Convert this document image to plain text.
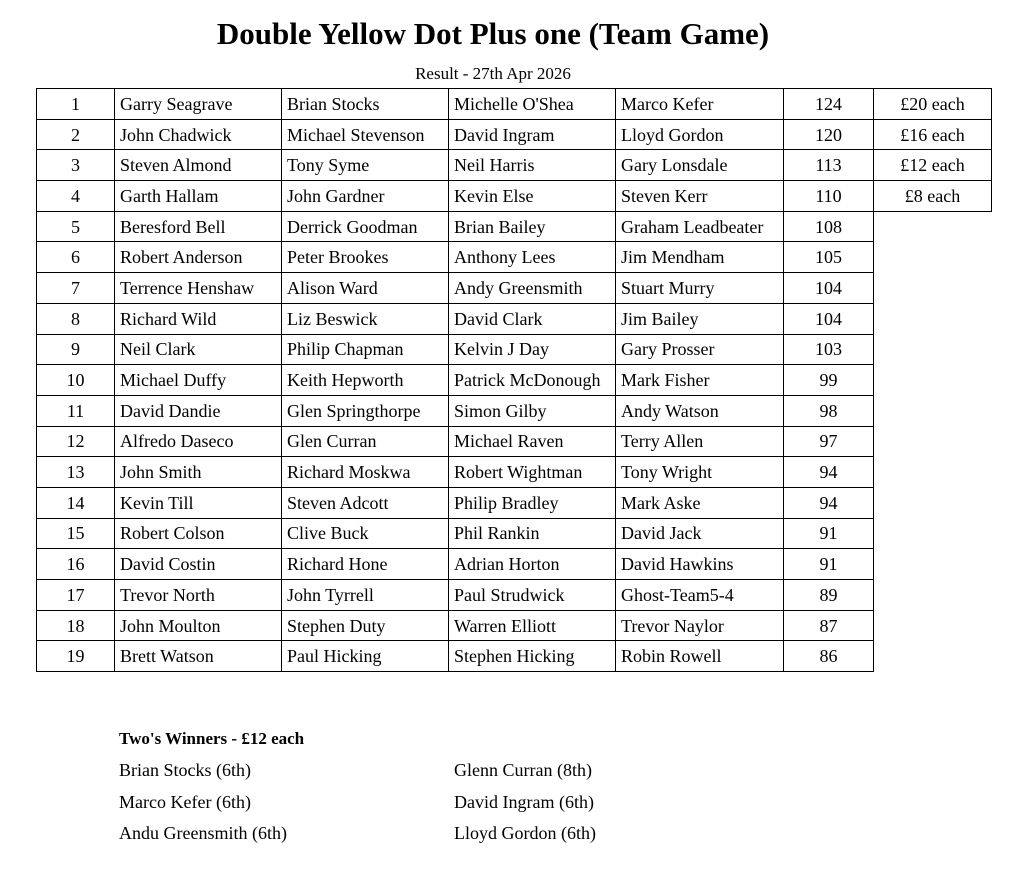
Double Yellow Dot Plus one (Team Game)
Result - 27th Apr 2026
1	Garry Seagrave	Brian Stocks	Michelle O'Shea	Marco Kefer	124	£20 each
2	John Chadwick	Michael Stevenson	David Ingram	Lloyd Gordon	120	£16 each
3	Steven Almond	Tony Syme	Neil Harris	Gary Lonsdale	113	£12 each
4	Garth Hallam	John Gardner	Kevin Else	Steven Kerr	110	£8 each
5	Beresford Bell	Derrick Goodman	Brian Bailey	Graham Leadbeater	108	
6	Robert Anderson	Peter Brookes	Anthony Lees	Jim Mendham	105	
7	Terrence Henshaw	Alison Ward	Andy Greensmith	Stuart Murry	104	
8	Richard Wild	Liz Beswick	David Clark	Jim Bailey	104	
9	Neil Clark	Philip Chapman	Kelvin J Day	Gary Prosser	103	
10	Michael Duffy	Keith Hepworth	Patrick McDonough	Mark Fisher	99	
11	David Dandie	Glen Springthorpe	Simon Gilby	Andy Watson	98	
12	Alfredo Daseco	Glen Curran	Michael Raven	Terry Allen	97	
13	John Smith	Richard Moskwa	Robert Wightman	Tony Wright	94	
14	Kevin Till	Steven Adcott	Philip Bradley	Mark Aske	94	
15	Robert Colson	Clive Buck	Phil Rankin	David Jack	91	
16	David Costin	Richard Hone	Adrian Horton	David Hawkins	91	
17	Trevor North	John Tyrrell	Paul Strudwick	Ghost-Team5-4	89	
18	John Moulton	Stephen Duty	Warren Elliott	Trevor Naylor	87	
19	Brett Watson	Paul Hicking	Stephen Hicking	Robin Rowell	86	
Two's Winners - £12 each
Brian Stocks (6th)
Marco Kefer (6th)
Andu Greensmith (6th)
Glenn Curran (8th)
David Ingram (6th)
Lloyd Gordon (6th)
